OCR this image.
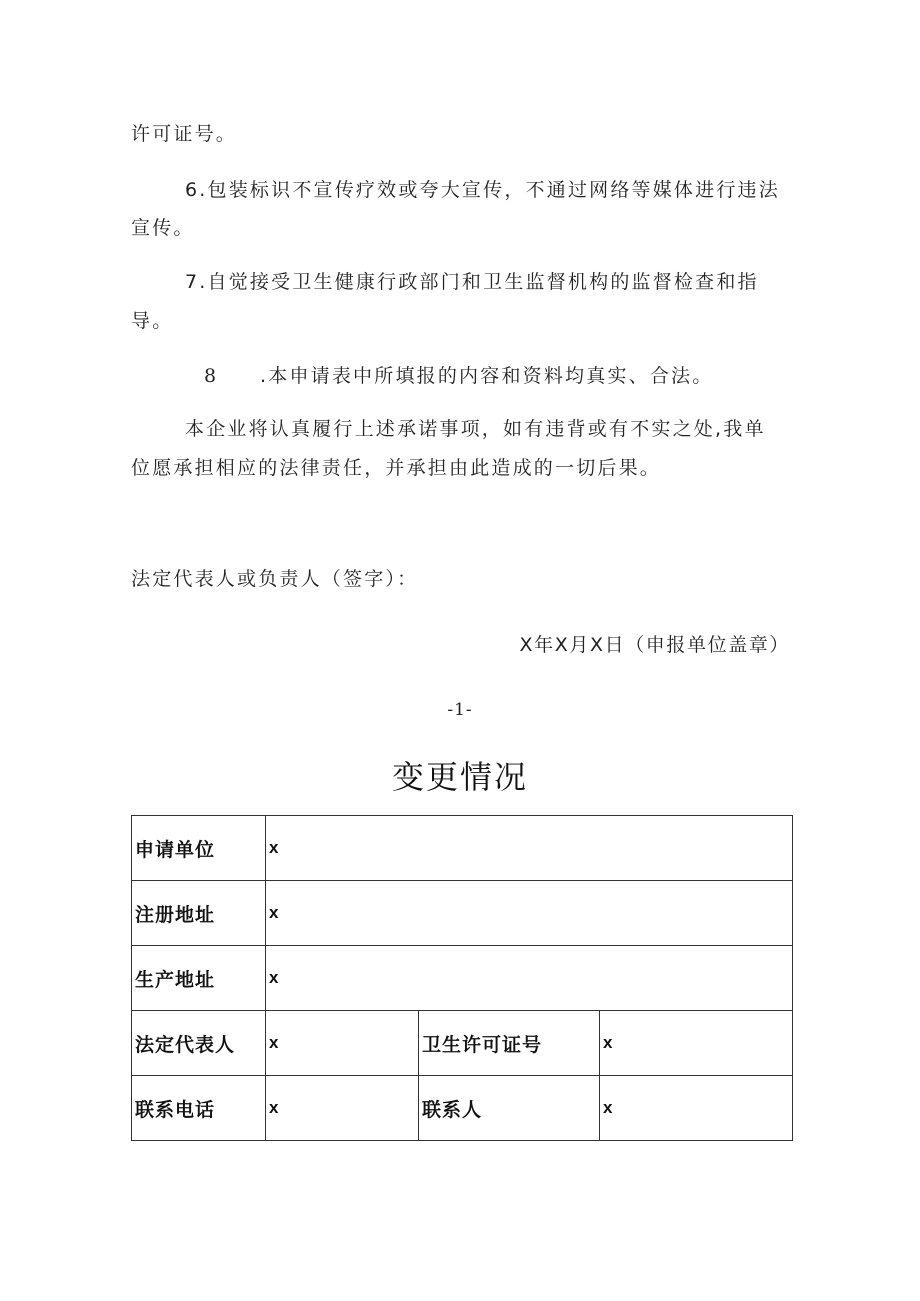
许可证号。
6.包装标识不宣传疗效或夸大宣传，不通过网络等媒体进行违法
宣传。
7.自觉接受卫生健康行政部门和卫生监督机构的监督检查和指
导。
8 .本申请表中所填报的内容和资料均真实、合法。
本企业将认真履行上述承诺事项，如有违背或有不实之处,我单
位愿承担相应的法律责任，并承担由此造成的一切后果。
法定代表人或负责人（签字）：
X年X月X日（申报单位盖章）
-1-
变更情况
申请单位	x		
注册地址	x		
生产地址	x		
法定代表人	x	卫生许可证号	x
联系电话	x	联系人	x
